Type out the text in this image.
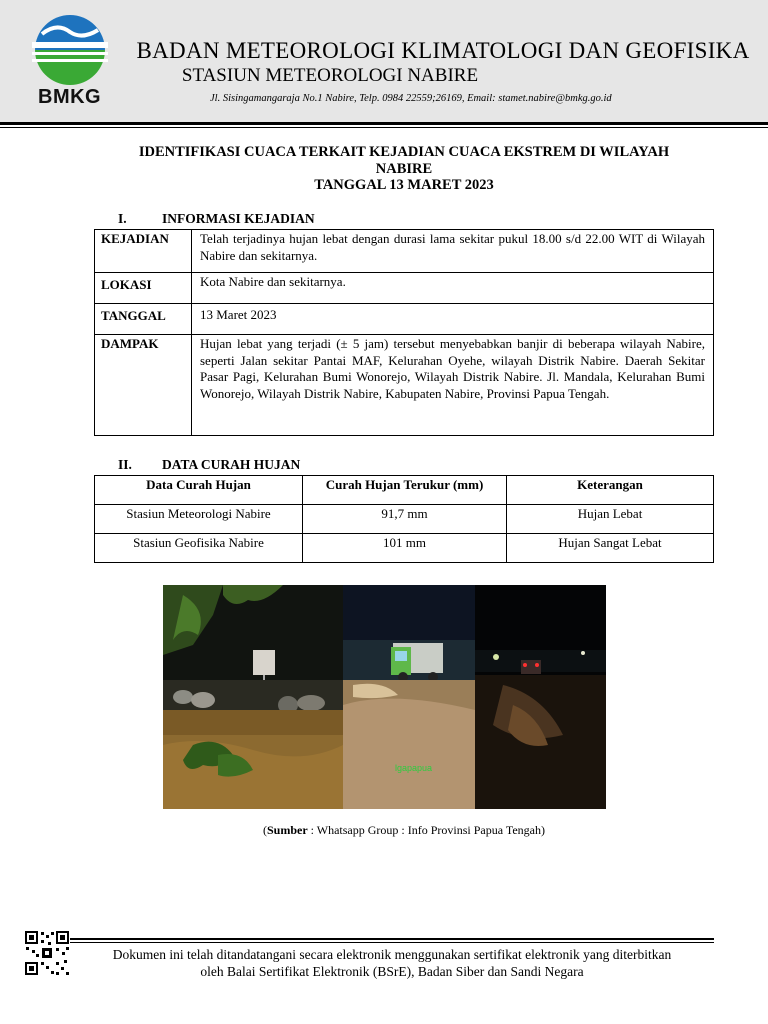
BMKG
BADAN METEOROLOGI KLIMATOLOGI DAN GEOFISIKA
STASIUN METEOROLOGI NABIRE
Jl. Sisingamangaraja No.1 Nabire, Telp. 0984 22559;26169, Email: stamet.nabire@bmkg.go.id
IDENTIFIKASI CUACA TERKAIT KEJADIAN CUACA EKSTREM DI WILAYAH
NABIRE
TANGGAL 13 MARET 2023
I.	INFORMASI KEJADIAN
KEJADIAN	Telah terjadinya hujan lebat dengan durasi lama sekitar pukul 18.00 s/d 22.00 WIT di Wilayah Nabire dan sekitarnya.
LOKASI	Kota Nabire dan sekitarnya.
TANGGAL	13 Maret 2023
DAMPAK	Hujan lebat yang terjadi (± 5 jam) tersebut menyebabkan banjir di beberapa wilayah Nabire, seperti Jalan sekitar Pantai MAF, Kelurahan Oyehe, wilayah Distrik Nabire. Daerah Sekitar Pasar Pagi, Kelurahan Bumi Wonorejo, Wilayah Distrik Nabire. Jl. Mandala, Kelurahan Bumi Wonorejo, Wilayah Distrik Nabire, Kabupaten Nabire, Provinsi Papua Tengah.
II. DATA CURAH HUJAN
Data Curah Hujan	Curah Hujan Terukur (mm)	Keterangan

Stasiun Meteorologi Nabire	91,7 mm	Hujan Lebat

Stasiun Geofisika Nabire	101 mm	Hujan Sangat Lebat
lgapapua
(Sumber : Whatsapp Group : Info Provinsi Papua Tengah)
Dokumen ini telah ditandatangani secara elektronik menggunakan sertifikat elektronik yang diterbitkan
oleh Balai Sertifikat Elektronik (BSrE), Badan Siber dan Sandi Negara
